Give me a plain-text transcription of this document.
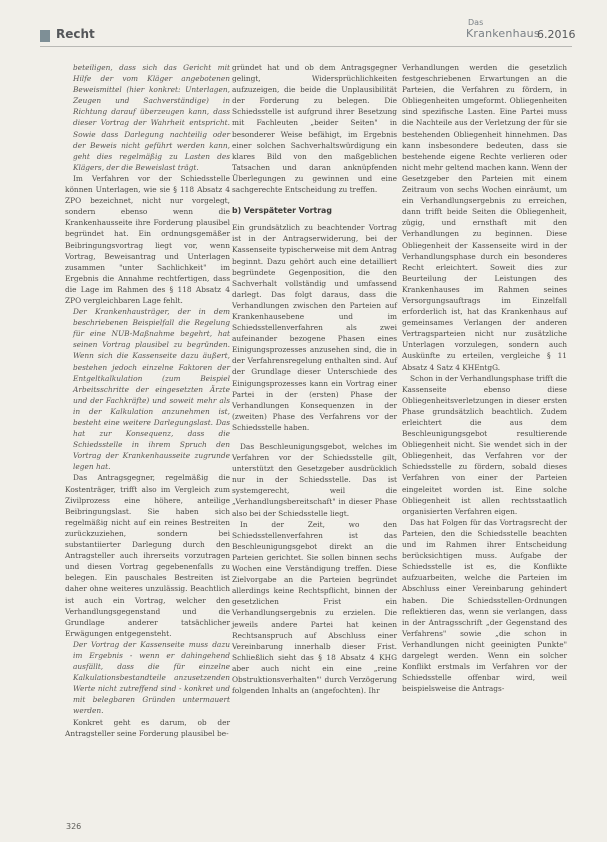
Recht
Das
Krankenhaus
6.2016

beteiligen, dass sich das Gericht mit Hilfe der vom Kläger angebotenen Beweismittel (hier konkret: Unterlagen, Zeugen und Sachverständige) in Richtung darauf überzeugen kann, dass dieser Vortrag der Wahrheit entspricht. Sowie dass Darlegung nachteilig oder der Beweis nicht geführt werden kann, geht dies regelmäßig zu Lasten des Klägers, der die Beweislast trägt.

Im Verfahren vor der Schiedsstelle können Unterlagen, wie sie § 118 Absatz 4 ZPO bezeichnet, nicht nur vorgelegt, sondern ebenso wenn die Krankenhausseite ihre Forderung plausibel begründet hat. Ein ordnungsgemäßer Beibringungsvortrag liegt vor, wenn Vortrag, Beweisantrag und Unterlagen zusammen "unter Sachlichkeit" im Ergebnis die Annahme rechtfertigen, dass die Lage im Rahmen des § 118 Absatz 4 ZPO vergleichbaren Lage fehlt.

Der Krankenhausträger, der in dem beschriebenen Beispielfall die Regelung für eine NUB-Maßnahme begehrt, hat seinen Vortrag plausibel zu begründen. Wenn sich die Kassenseite dazu äußert, bestehen jedoch einzelne Faktoren der Entgeltkalkulation (zum Beispiel Arbeitsschritte der eingesetzten Ärzte und der Fachkräfte) und soweit mehr als in der Kalkulation anzunehmen ist, besteht eine weitere Darlegungslast. Das hat zur Konsequenz, dass die Schiedsstelle in ihrem Spruch den Vortrag der Krankenhausseite zugrunde legen hat.

Das Antragsgegner, regelmäßig die Kostenträger, trifft also im Vergleich zum Zivilprozess eine höhere, anteilige Beibringungslast. Sie haben sich regelmäßig nicht auf ein reines Bestreiten zurückzuziehen, sondern bei substantiierter Darlegung durch den Antragsteller auch ihrerseits vorzutragen und diesen Vortrag gegebenenfalls zu belegen. Ein pauschales Bestreiten ist daher ohne weiteres unzulässig. Beachtlich ist auch ein Vortrag, welcher den Verhandlungsgegenstand und die Grundlage anderer tatsächlicher Erwägungen entgegensteht.

Der Vortrag der Kassenseite muss dazu im Ergebnis - wenn er dahingehend ausfällt, dass die für einzelne Kalkulationsbestandteile anzusetzenden Werte nicht zutreffend sind - konkret und mit belegbaren Gründen untermauert werden.

Konkret geht es darum, ob der Antragsteller seine Forderung plausibel be-

gründet hat und ob dem Antragsgegner gelingt, Widersprüchlichkeiten aufzuzeigen, die beide die Unplausibilität der Forderung zu belegen. Die Schiedsstelle ist aufgrund ihrer Besetzung mit Fachleuten „beider Seiten" in besonderer Weise befähigt, im Ergebnis einer solchen Sachverhaltswürdigung ein klares Bild von den maßgeblichen Tatsachen und daran anknüpfenden Überlegungen zu gewinnen und eine sachgerechte Entscheidung zu treffen.

b) Verspäteter Vortrag

Ein grundsätzlich zu beachtender Vortrag ist in der Antragserwiderung, bei der Kassenseite typischerweise mit dem Antrag beginnt. Dazu gehört auch eine detailliert begründete Gegenposition, die den Sachverhalt vollständig und umfassend darlegt. Das folgt daraus, dass die Verhandlungen zwischen den Parteien auf Krankenhausebene und im Schiedsstellenverfahren als zwei aufeinander bezogene Phasen eines Einigungsprozesses anzusehen sind, die in der Verfahrensregelung enthalten sind. Auf der Grundlage dieser Unterschiede des Einigungsprozesses kann ein Vortrag einer Partei in der (ersten) Phase der Verhandlungen Konsequenzen in der (zweiten) Phase des Verfahrens vor der Schiedsstelle haben.

Das Beschleunigungsgebot, welches im Verfahren vor der Schiedsstelle gilt, unterstützt den Gesetzgeber ausdrücklich nur in der Schiedsstelle. Das ist systemgerecht, weil die „Verhandlungsbereitschaft" in dieser Phase also bei der Schiedsstelle liegt.

In der Zeit, wo den Schiedsstellenverfahren ist das Beschleunigungsgebot direkt an die Parteien gerichtet. Sie sollen binnen sechs Wochen eine Verständigung treffen. Diese Zielvorgabe an die Parteien begründet allerdings keine Rechtspflicht, binnen der gesetzlichen Frist ein Verhandlungsergebnis zu erzielen. Die jeweils andere Partei hat keinen Rechtsanspruch auf Abschluss einer Vereinbarung innerhalb dieser Frist. Schließlich sieht das § 18 Absatz 4 KHG aber auch nicht ein eine „reine Obstruktionsverhalten"' durch Verzögerung folgenden Inhalts an (angefochten). Ihr

Verhandlungen werden die gesetzlich festgeschriebenen Erwartungen an die Parteien, die Verfahren zu fördern, in Obliegenheiten umgeformt. Obliegenheiten sind spezifische Lasten. Eine Partei muss die Nachteile aus der Verletzung der für sie bestehenden Obliegenheit hinnehmen. Das kann insbesondere bedeuten, dass sie bestehende eigene Rechte verlieren oder nicht mehr geltend machen kann. Wenn der Gesetzgeber den Parteien mit einem Zeitraum von sechs Wochen einräumt, um ein Verhandlungsergebnis zu erreichen, dann trifft beide Seiten die Obliegenheit, zügig, und ernsthaft mit den Verhandlungen zu beginnen. Diese Obliegenheit der Kassenseite wird in der Verhandlungsphase durch ein besonderes Recht erleichtert. Soweit dies zur Beurteilung der Leistungen des Krankenhauses im Rahmen seines Versorgungsauftrags im Einzelfall erforderlich ist, hat das Krankenhaus auf gemeinsames Verlangen der anderen Vertragsparteien nicht nur zusätzliche Unterlagen vorzulegen, sondern auch Auskünfte zu erteilen, vergleiche § 11 Absatz 4 Satz 4 KHEntgG.

Schon in der Verhandlungsphase trifft die Kassenseite ebenso diese Obliegenheitsverletzungen in dieser ersten Phase grundsätzlich beachtlich. Zudem erleichtert die aus dem Beschleunigungsgebot resultierende Obliegenheit nicht. Sie wendet sich in der Obliegenheit, das Verfahren vor der Schiedsstelle zu fördern, sobald dieses Verfahren von einer der Parteien eingeleitet worden ist. Eine solche Obliegenheit ist allen rechtsstaatlich organisierten Verfahren eigen.

Das hat Folgen für das Vortragsrecht der Parteien, den die Schiedsstelle beachten und im Rahmen ihrer Entscheidung berücksichtigen muss. Aufgabe der Schiedsstelle ist es, die Konflikte aufzuarbeiten, welche die Parteien im Abschluss einer Vereinbarung gehindert haben. Die Schiedsstellen-Ordnungen reflektieren das, wenn sie verlangen, dass in der Antragsschrift „der Gegenstand des Verfahrens" sowie „die schon in Verhandlungen nicht geeinigten Punkte" dargelegt werden. Wenn ein solcher Konflikt erstmals im Verfahren vor der Schiedsstelle offenbar wird, weil beispielsweise die Antrags-

326
